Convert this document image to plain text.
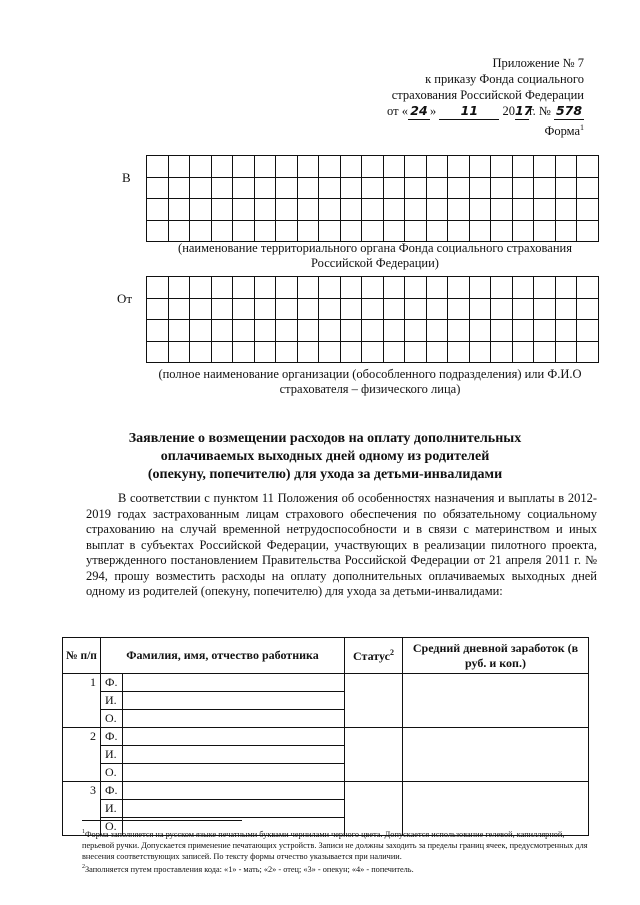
Приложение № 7
к приказу Фонда социального
страхования Российской Федерации
от « 24 » 11 2017г. № 578
Форма$^1$
В

(наименование территориального органа Фонда социального страхования
Российской Федерации)
От

(полное наименование организации (обособленного подразделения) или Ф.И.О
страхователя – физического лица)
Заявление о возмещении расходов на оплату дополнительных
оплачиваемых выходных дней одному из родителей
(опекуну, попечителю) для ухода за детьми-инвалидами
В соответствии с пунктом 11 Положения об особенностях назначения и выплаты в 2012-2019 годах застрахованным лицам страхового обеспечения по обязательному социальному страхованию на случай временной нетрудоспособности и в связи с материнством и иных выплат в субъектах Российской Федерации, участвующих в реализации пилотного проекта, утвержденного постановлением Правительства Российской Федерации от 21 апреля 2011 г. № 294, прошу возместить расходы на оплату дополнительных оплачиваемых выходных дней одному из родителей (опекуну, попечителю) для ухода за детьми-инвалидами:
№ п/п	Фамилия, имя, отчество работника		Статус$^2$	Средний дневной заработок (в руб. и коп.)
1	Ф.			
	И.			
	О.			
2	Ф.			
	И.			
	О.			
3	Ф.			
	И.			
	О.			
$^1$Форма заполняется на русском языке печатными буквами чернилами черного цвета. Допускается использование гелевой, капиллярной, перьевой ручки. Допускается применение печатающих устройств. Записи не должны заходить за пределы границ ячеек, предусмотренных для внесения соответствующих записей. По тексту формы отчество указывается при наличии.
$^2$Заполняется путем проставления кода: «1» - мать; «2» - отец; «3» - опекун; «4» - попечитель.
